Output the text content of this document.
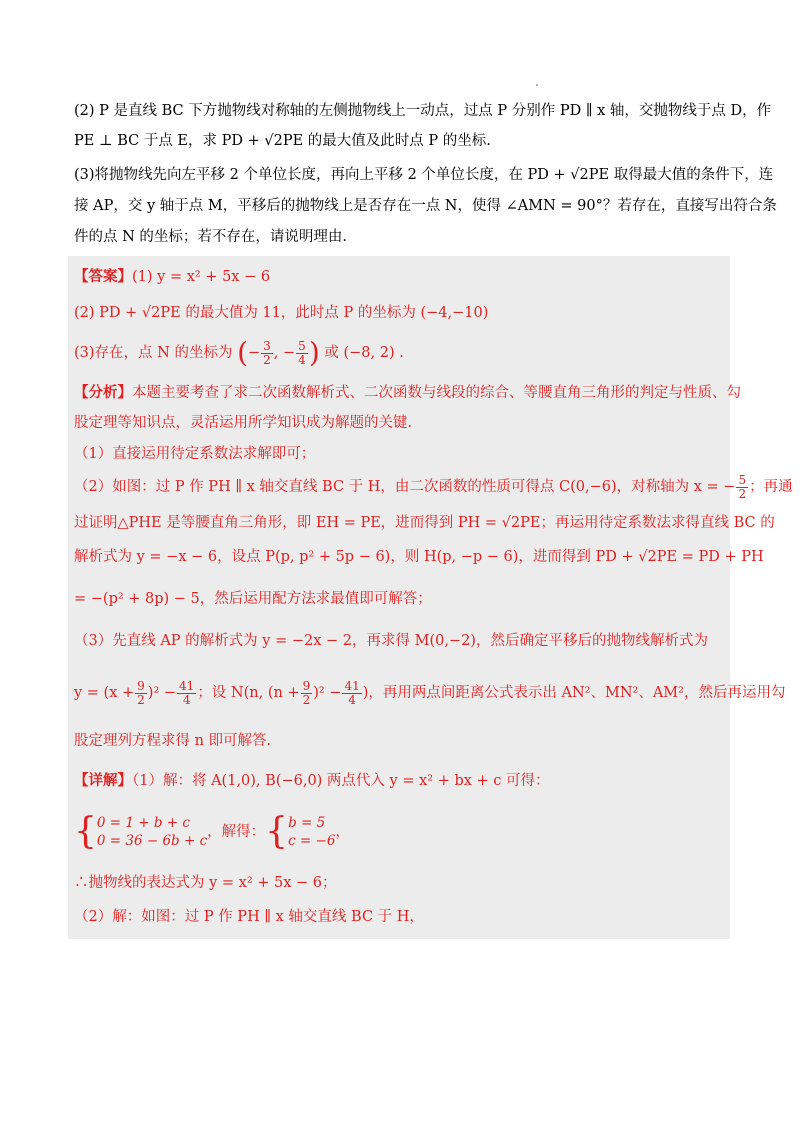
(2) P 是直线 BC 下方抛物线对称轴的左侧抛物线上一动点，过点 P 分别作 PD ∥ x 轴，交抛物线于点 D，作
PE ⊥ BC 于点 E，求 PD + √2PE 的最大值及此时点 P 的坐标.
(3)将抛物线先向左平移 2 个单位长度，再向上平移 2 个单位长度，在 PD + √2PE 取得最大值的条件下，连
接 AP，交 y 轴于点 M，平移后的抛物线上是否存在一点 N，使得 ∠AMN = 90°？若存在，直接写出符合条
件的点 N 的坐标；若不存在，请说明理由.
【答案】(1) y = x² + 5x − 6
(2) PD + √2PE 的最大值为 11，此时点 P 的坐标为 (−4,−10)
(3)存在，点 N 的坐标为 (− $\frac{3}{2}$ , − $\frac{5}{4}$ ) 或 (−8, 2) .
【分析】本题主要考查了求二次函数解析式、二次函数与线段的综合、等腰直角三角形的判定与性质、勾
股定理等知识点，灵活运用所学知识成为解题的关键.
（1）直接运用待定系数法求解即可；
（2）如图：过 P 作 PH ∥ x 轴交直线 BC 于 H，由二次函数的性质可得点 C(0,−6)，对称轴为 x = − $\frac{5}{2}$ ；再通
过证明△PHE 是等腰直角三角形，即 EH = PE，进而得到 PH = √2PE；再运用待定系数法求得直线 BC 的
解析式为 y = −x − 6，设点 P(p, p² + 5p − 6)，则 H(p, −p − 6)，进而得到 PD + √2PE = PD + PH
= −(p² + 8p) − 5，然后运用配方法求最值即可解答；
（3）先直线 AP 的解析式为 y = −2x − 2，再求得 M(0,−2)，然后确定平移后的抛物线解析式为
$y = (x + \frac{9}{2} )^2 - \frac{41}{4}$ ；设 N(n, $(n + \frac{9}{2} )^2 - \frac{41}{4}$ )，再用两点间距离公式表示出 AN²、MN²、AM²，然后再运用勾
股定理列方程求得 n 即可解答.
【详解】（1）解：将 A(1,0), B(−6,0) 两点代入 y = x² + bx + c 可得：
{ 0 = 1 + b + c
0 = 36 − 6b + c
，解得：{ b = 5
c = −6
，
∴抛物线的表达式为 y = x² + 5x − 6；
（2）解：如图：过 P 作 PH ∥ x 轴交直线 BC 于 H，
